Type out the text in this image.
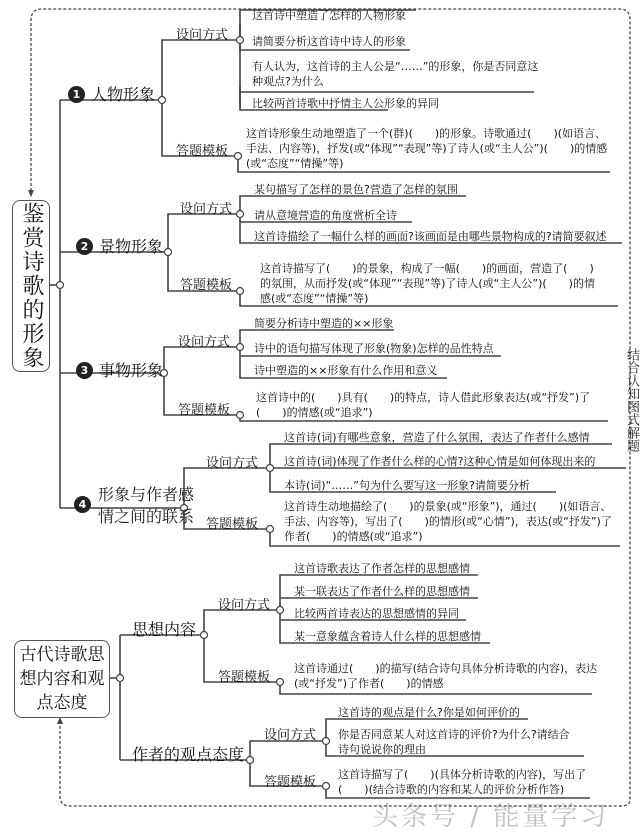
鉴赏诗歌的形象
1 人物形象
设问方式
这首诗中塑造了怎样的人物形象
请简要分析这首诗中诗人的形象
有人认为，这首诗的主人公是“……”的形象，你是否同意这种观点?为什么
比较两首诗歌中抒情主人公形象的异同
答题模板
这首诗形象生动地塑造了一个(群)(　　)的形象。诗歌通过(　　)(如语言、手法、内容等)，抒发(或“体现”“表现”等)了诗人(或“主人公”)(　　)的情感(或“态度”“情操”等)
2 景物形象
设问方式
某句描写了怎样的景色?营造了怎样的氛围
请从意境营造的角度赏析全诗
这首诗描绘了一幅什么样的画面?该画面是由哪些景物构成的?请简要叙述
答题模板
这首诗描写了(　　)的景象，构成了一幅(　　)的画面，营造了(　　)的氛围，从而抒发(或“体现”“表现”等)了诗人(或“主人公”)(　　)的情感(或“态度”“情操”等)
3 事物形象
设问方式
简要分析诗中塑造的××形象
诗中的语句描写体现了形象(物象)怎样的品性特点
诗中塑造的××形象有什么作用和意义
答题模板
这首诗中的(　　)具有(　　)的特点，诗人借此形象表达(或“抒发”)了(　　)的情感(或“追求”)
4
形象与作者感
情之间的联系
设问方式
这首诗(词)有哪些意象，营造了什么氛围，表达了作者什么感情
这首诗(词)体现了作者什么样的心情?这种心情是如何体现出来的
本诗(词)“……”句为什么要写这一形象?请简要分析
答题模板
这首诗生动地描绘了(　　)的景象(或“形象”)，通过(　　)(如语言、手法、内容等)，写出了(　　)的情形(或“心情”)，表达(或“抒发”)了作者(　　)的情感(或“追求”)
结合认知图式解题
古代诗歌思想内容和观点态度
思想内容
设问方式
这首诗歌表达了作者怎样的思想感情
某一联表达了作者什么样的思想感情
比较两首诗表达的思想感情的异同
某一意象蕴含着诗人什么样的思想感情
答题模板
这首诗通过(　　)的描写(结合诗句具体分析诗歌的内容)，表达(或“抒发”)了作者(　　)的情感
作者的观点态度
设问方式
这首诗的观点是什么?你是如何评价的
你是否同意某人对这首诗的评价?为什么?请结合诗句说说你的理由
答题模板
这首诗描写了(　　)(具体分析诗歌的内容)，写出了(　　)(结合诗歌的内容和某人的评价分析作答)
头条号 / 能量学习
